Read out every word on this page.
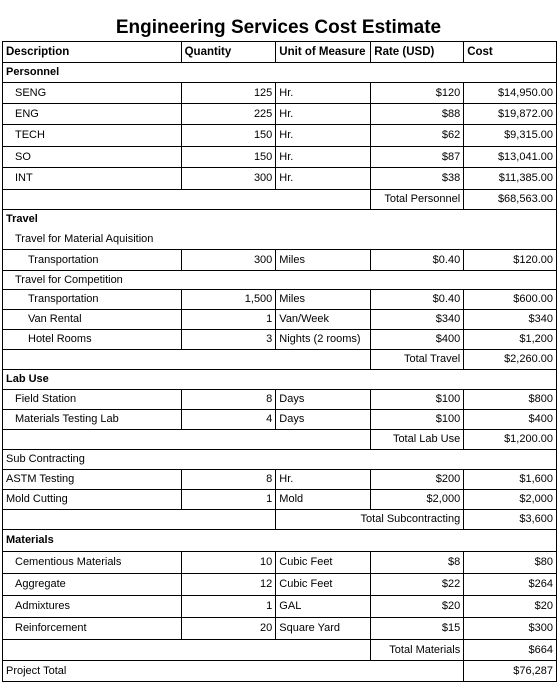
Engineering Services Cost Estimate
Description	Quantity	Unit of Measure	Rate (USD)	Cost
Personnel				
SENG	125	Hr.	$120	$14,950.00
ENG	225	Hr.	$88	$19,872.00
TECH	150	Hr.	$62	$9,315.00
SO	150	Hr.	$87	$13,041.00
INT	300	Hr.	$38	$11,385.00
			Total Personnel	$68,563.00
Travel				
Travel for Material Aquisition				
Transportation	300	Miles	$0.40	$120.00
Travel for Competition				
Transportation	1,500	Miles	$0.40	$600.00
Van Rental	1	Van/Week	$340	$340
Hotel Rooms	3	Nights (2 rooms)	$400	$1,200
			Total Travel	$2,260.00
Lab Use				
Field Station	8	Days	$100	$800
Materials Testing Lab	4	Days	$100	$400
			Total Lab Use	$1,200.00
Sub Contracting				
ASTM Testing	8	Hr.	$200	$1,600
Mold Cutting	1	Mold	$2,000	$2,000
		Total Subcontracting		$3,600
Materials				
Cementious Materials	10	Cubic Feet	$8	$80
Aggregate	12	Cubic Feet	$22	$264
Admixtures	1	GAL	$20	$20
Reinforcement	20	Square Yard	$15	$300
			Total Materials	$664
Project Total				$76,287
